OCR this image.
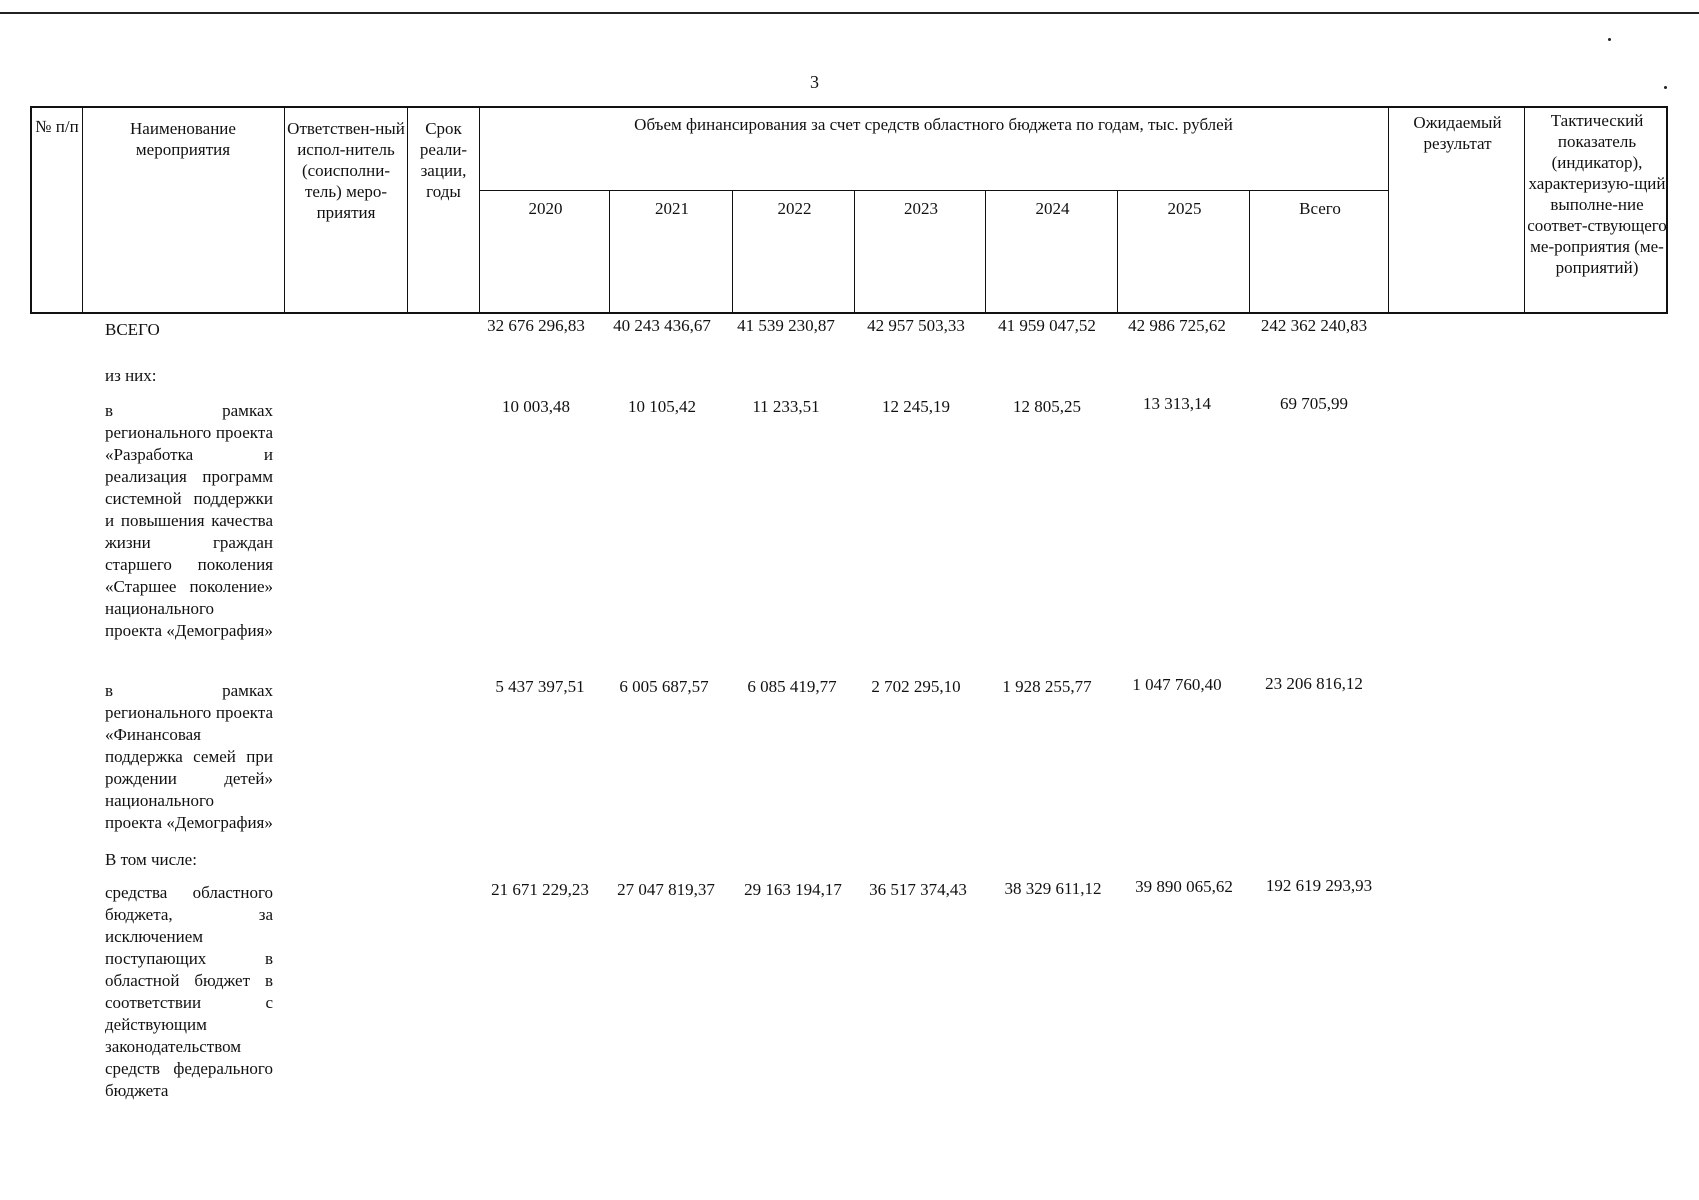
3
№ п/п	Наименование мероприятия
Ответствен-ный испол-нитель (соисполни-тель) меро-приятия
Срок реали-зации, годы
Объем финансирования за счет средств областного бюджета по годам, тыс. рублей
2020	2021	2022	2023	2024	2025	Всего
Ожидаемый результат
Тактический показатель (индикатор), характеризую-щий выполне-ние соответ-ствующего ме-роприятия (ме-роприятий)
ВСЕГО	32 676 296,83	40 243 436,67	41 539 230,87	42 957 503,33	41 959 047,52	42 986 725,62	242 362 240,83
из них:
в рамках регионального проекта «Разработка и реализация программ системной поддержки и повышения качества жизни граждан старшего поколения «Старшее поколение» национального проекта «Демография»
10 003,48	10 105,42	11 233,51	12 245,19	12 805,25	13 313,14	69 705,99
в рамках регионального проекта «Финансовая поддержка семей при рождении детей» национального проекта «Демография»
5 437 397,51	6 005 687,57	6 085 419,77	2 702 295,10	1 928 255,77	1 047 760,40	23 206 816,12
В том числе:
средства областного бюджета, за исключением поступающих в областной бюджет в соответствии с действующим законодательством средств федерального бюджета
21 671 229,23	27 047 819,37	29 163 194,17	36 517 374,43	38 329 611,12	39 890 065,62	192 619 293,93
